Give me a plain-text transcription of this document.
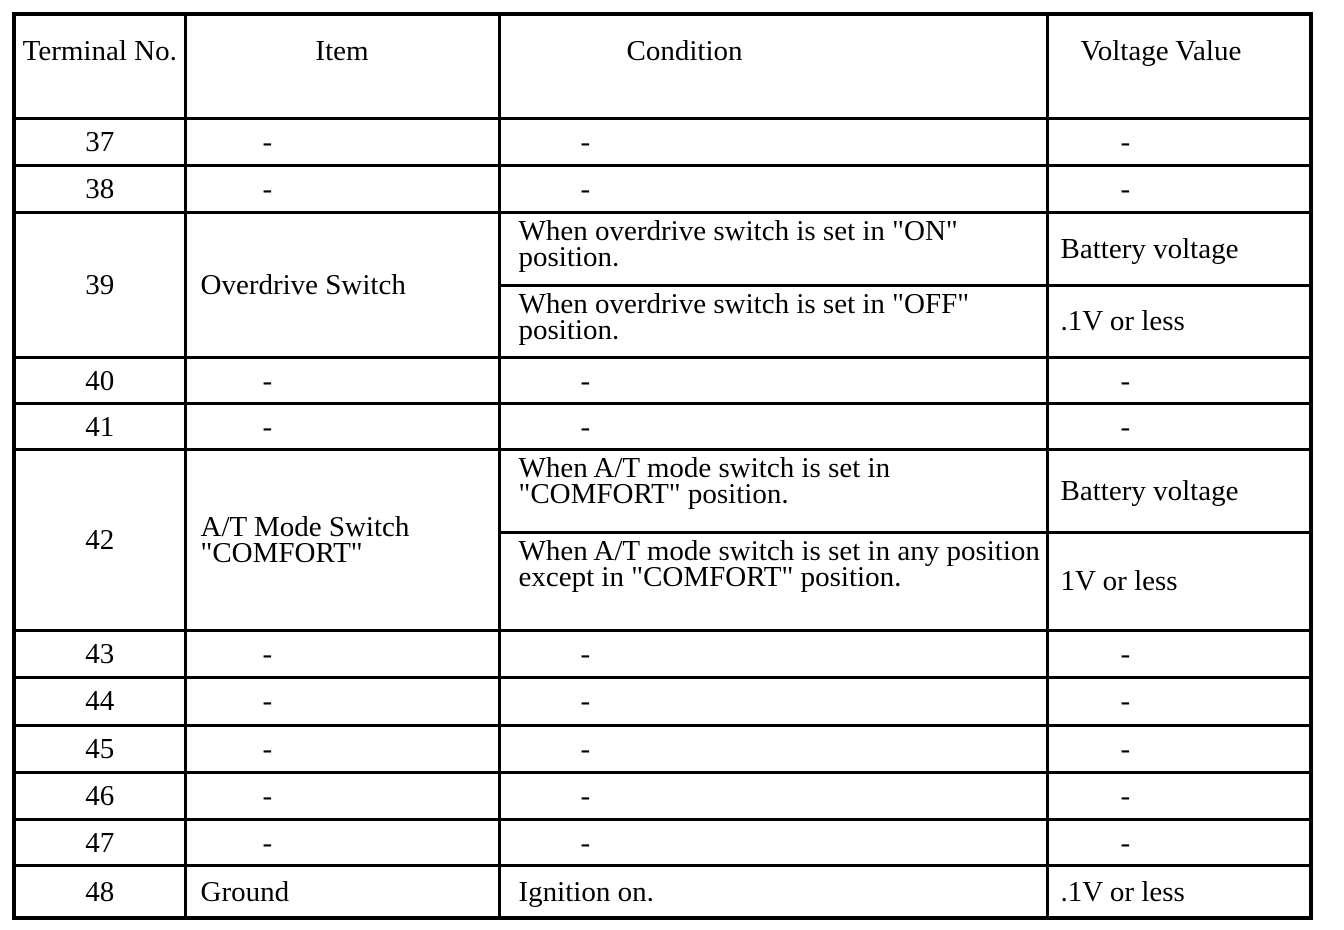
Terminal No.	Item	Condition	Voltage Value
37	-	-	-
38	-	-	-
39	Overdrive Switch	When overdrive switch is set in "ON" position.	Battery voltage
		When overdrive switch is set in "OFF" position.	.1V or less
40	-	-	-
41	-	-	-
42	A/T Mode Switch "COMFORT"	When A/T mode switch is set in "COMFORT" position.	Battery voltage
		When A/T mode switch is set in any position except in "COMFORT" position.	1V or less
43	-	-	-
44	-	-	-
45	-	-	-
46	-	-	-
47	-	-	-
48	Ground	Ignition on.	.1V or less
